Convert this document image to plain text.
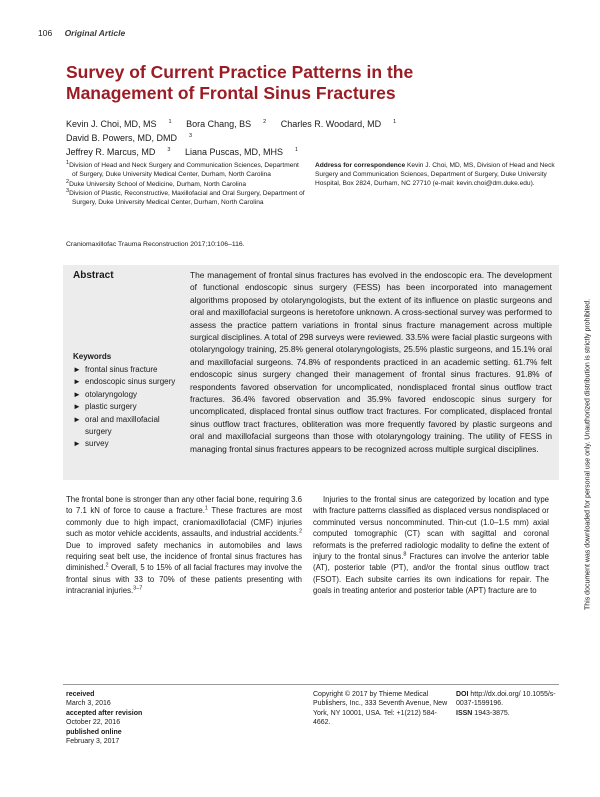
106 Original Article
Survey of Current Practice Patterns in the Management of Frontal Sinus Fractures
Kevin J. Choi, MD, MS $^1$ Bora Chang, BS $^2$ Charles R. Woodard, MD $^1$ David B. Powers, MD, DMD $^3$
Jeffrey R. Marcus, MD $^3$ Liana Puscas, MD, MHS $^1$

$^1$Division of Head and Neck Surgery and Communication Sciences, Department of Surgery, Duke University Medical Center, Durham, North Carolina

$^2$Duke University School of Medicine, Durham, North Carolina

$^3$Division of Plastic, Reconstructive, Maxillofacial and Oral Surgery, Department of Surgery, Duke University Medical Center, Durham, North Carolina

Address for correspondence Kevin J. Choi, MD, MS, Division of Head and Neck Surgery and Communication Sciences, Department of Surgery, Duke University Hospital, Box 2824, Durham, NC 27710 (e-mail: kevin.choi@dm.duke.edu).
Craniomaxillofac Trauma Reconstruction 2017;10:106–116.
Abstract
Keywords
► frontal sinus fracture
► endoscopic sinus surgery
► otolaryngology
► plastic surgery
► oral and maxillofacial surgery
► survey
The management of frontal sinus fractures has evolved in the endoscopic era. The development of functional endoscopic sinus surgery (FESS) has been incorporated into management algorithms proposed by otolaryngologists, but the extent of its influence on plastic surgeons and oral and maxillofacial surgeons is heretofore unknown. A cross-sectional survey was performed to assess the practice pattern variations in frontal sinus fracture management across multiple surgical disciplines. A total of 298 surveys were reviewed. 33.5% were facial plastic surgeons with otolaryngology training, 25.8% general otolaryngologists, 25.5% plastic surgeons, and 15.1% oral and maxillofacial surgeons. 74.8% of respondents practiced in an academic setting. 61.7% felt endoscopic sinus surgery changed their management of frontal sinus fractures. 91.8% of respondents favored observation for uncomplicated, nondisplaced frontal sinus outflow tract fractures. 36.4% favored observation and 35.9% favored endoscopic sinus surgery for uncomplicated, displaced frontal sinus outflow tract fractures. For complicated, displaced frontal sinus outflow tract fractures, obliteration was more frequently favored by plastic surgeons and oral and maxillofacial surgeons than those with otolaryngology training. The utility of FESS in managing frontal sinus fractures appears to be recognized across multiple surgical disciplines.

The frontal bone is stronger than any other facial bone, requiring 3.6 to 7.1 kN of force to cause a fracture.$^1$ These fractures are most commonly due to high impact, craniomaxillofacial (CMF) injuries such as motor vehicle accidents, assaults, and industrial accidents.$^2$ Due to improved safety mechanics in automobiles and laws requiring seat belt use, the incidence of frontal sinus fractures has diminished.$^2$ Overall, 5 to 15% of all facial fractures may involve the frontal sinus with 33 to 70% of these patients presenting with intracranial injuries.$^{3-7}$

Injuries to the frontal sinus are categorized by location and type with fracture patterns classified as displaced versus nondisplaced or comminuted versus noncomminuted. Thin-cut (1.0–1.5 mm) axial computed tomographic (CT) scan with sagittal and coronal reformats is the preferred radiologic modality to define the extent of injury to the frontal sinus.$^8$ Fractures can involve the anterior table (AT), posterior table (PT), and/or the frontal sinus outflow tract (FSOT). Each subsite carries its own indications for repair. The goals in treating anterior and posterior table (APT) fracture are to

received
March 3, 2016
accepted after revision
October 22, 2016
published online
February 3, 2017
Copyright © 2017 by Thieme Medical Publishers, Inc., 333 Seventh Avenue, New York, NY 10001, USA. Tel: +1(212) 584-4662.
DOI http://dx.doi.org/ 10.1055/s-0037-1599196.
ISSN 1943-3875.
This document was downloaded for personal use only. Unauthorized distribution is strictly prohibited.
